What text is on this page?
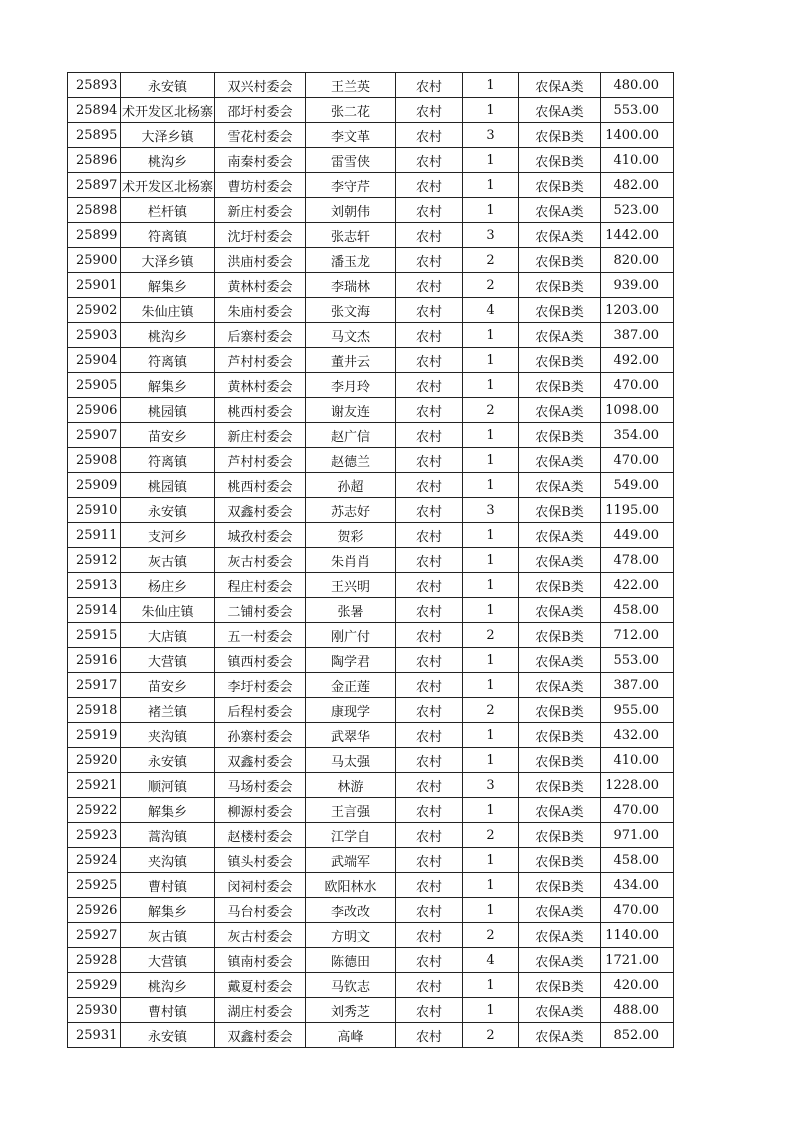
25893	永安镇	双兴村委会	王兰英	农村	1	农保A类	480.00
25894	术开发区北杨寨	邵圩村委会	张二花	农村	1	农保A类	553.00
25895	大泽乡镇	雪花村委会	李文革	农村	3	农保B类	1400.00
25896	桃沟乡	南秦村委会	雷雪侠	农村	1	农保B类	410.00
25897	术开发区北杨寨	曹坊村委会	李守芹	农村	1	农保B类	482.00
25898	栏杆镇	新庄村委会	刘朝伟	农村	1	农保A类	523.00
25899	符离镇	沈圩村委会	张志轩	农村	3	农保A类	1442.00
25900	大泽乡镇	洪庙村委会	潘玉龙	农村	2	农保B类	820.00
25901	解集乡	黄林村委会	李瑞林	农村	2	农保B类	939.00
25902	朱仙庄镇	朱庙村委会	张文海	农村	4	农保B类	1203.00
25903	桃沟乡	后寨村委会	马文杰	农村	1	农保A类	387.00
25904	符离镇	芦村村委会	董井云	农村	1	农保B类	492.00
25905	解集乡	黄林村委会	李月玲	农村	1	农保B类	470.00
25906	桃园镇	桃西村委会	谢友连	农村	2	农保A类	1098.00
25907	苗安乡	新庄村委会	赵广信	农村	1	农保B类	354.00
25908	符离镇	芦村村委会	赵德兰	农村	1	农保A类	470.00
25909	桃园镇	桃西村委会	孙超	农村	1	农保A类	549.00
25910	永安镇	双鑫村委会	苏志好	农村	3	农保B类	1195.00
25911	支河乡	城孜村委会	贺彩	农村	1	农保A类	449.00
25912	灰古镇	灰古村委会	朱肖肖	农村	1	农保A类	478.00
25913	杨庄乡	程庄村委会	王兴明	农村	1	农保B类	422.00
25914	朱仙庄镇	二铺村委会	张暑	农村	1	农保A类	458.00
25915	大店镇	五一村委会	刚广付	农村	2	农保B类	712.00
25916	大营镇	镇西村委会	陶学君	农村	1	农保A类	553.00
25917	苗安乡	李圩村委会	金正莲	农村	1	农保A类	387.00
25918	褚兰镇	后程村委会	康现学	农村	2	农保B类	955.00
25919	夹沟镇	孙寨村委会	武翠华	农村	1	农保B类	432.00
25920	永安镇	双鑫村委会	马太强	农村	1	农保B类	410.00
25921	顺河镇	马场村委会	林游	农村	3	农保B类	1228.00
25922	解集乡	柳源村委会	王言强	农村	1	农保A类	470.00
25923	蒿沟镇	赵楼村委会	江学自	农村	2	农保B类	971.00
25924	夹沟镇	镇头村委会	武端军	农村	1	农保B类	458.00
25925	曹村镇	闵祠村委会	欧阳林水	农村	1	农保B类	434.00
25926	解集乡	马台村委会	李改改	农村	1	农保A类	470.00
25927	灰古镇	灰古村委会	方明文	农村	2	农保A类	1140.00
25928	大营镇	镇南村委会	陈德田	农村	4	农保A类	1721.00
25929	桃沟乡	戴夏村委会	马钦志	农村	1	农保B类	420.00
25930	曹村镇	湖庄村委会	刘秀芝	农村	1	农保A类	488.00
25931	永安镇	双鑫村委会	高峰	农村	2	农保A类	852.00
